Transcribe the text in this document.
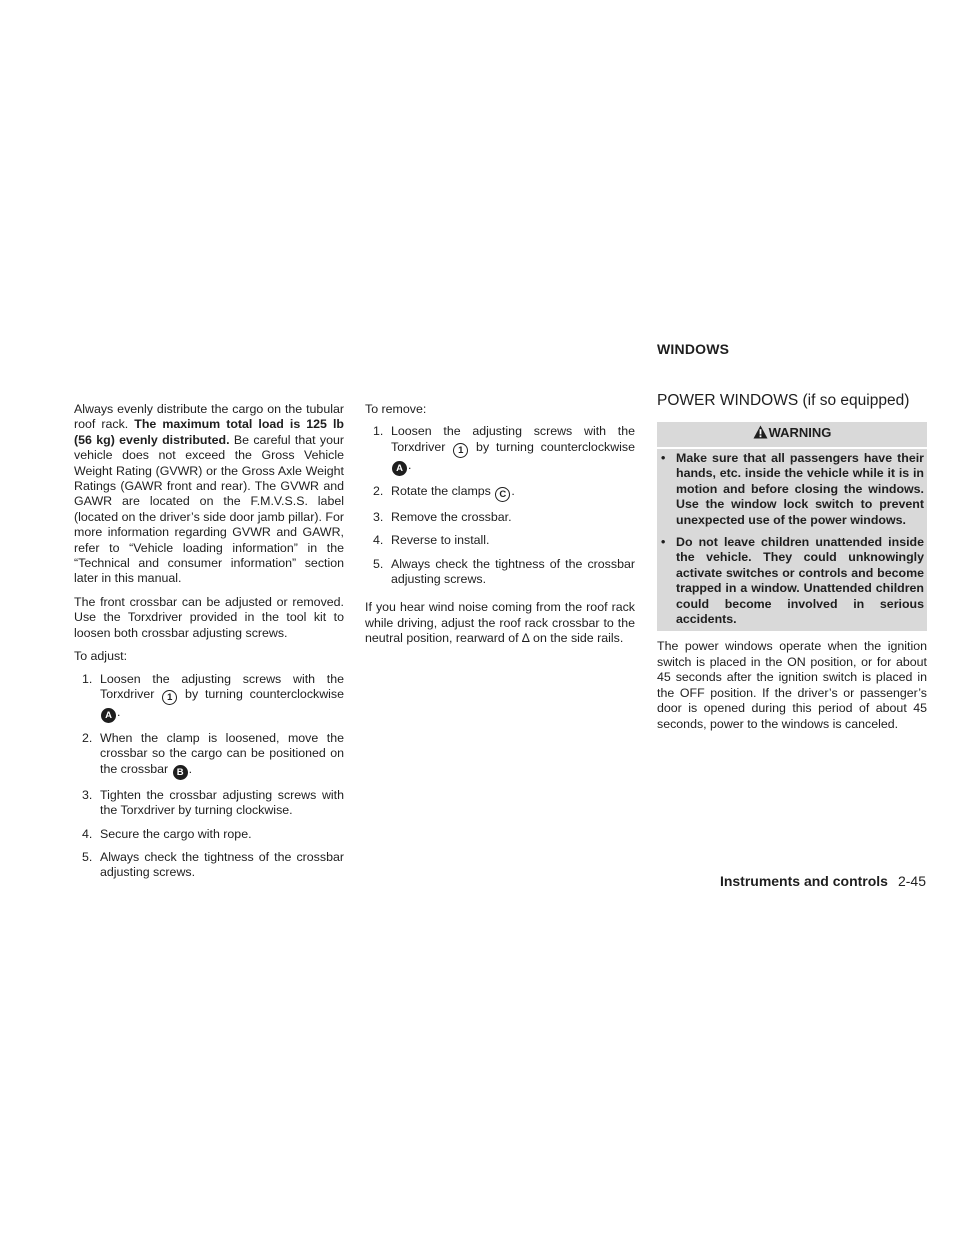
Always evenly distribute the cargo on the tubular roof rack. The maximum total load is 125 lb (56 kg) evenly distributed. Be careful that your vehicle does not exceed the Gross Vehicle Weight Rating (GVWR) or the Gross Axle Weight Ratings (GAWR front and rear). The GVWR and GAWR are located on the F.M.V.S.S. label (located on the driver’s side door jamb pillar). For more information regarding GVWR and GAWR, refer to “Vehicle loading information” in the “Technical and consumer information” section later in this manual.

The front crossbar can be adjusted or removed. Use the Torxdriver provided in the tool kit to loosen both crossbar adjusting screws.

To adjust:
1. Loosen the adjusting screws with the Torxdriver 1 by turning counterclockwise A .
2. When the clamp is loosened, move the crossbar so the cargo can be positioned on the crossbar B .
3. Tighten the crossbar adjusting screws with the Torxdriver by turning clockwise.
4. Secure the cargo with rope.
5. Always check the tightness of the crossbar adjusting screws.
To remove:
1. Loosen the adjusting screws with the Torxdriver 1 by turning counterclockwise A .
2. Rotate the clamps C .
3. Remove the crossbar.
4. Reverse to install.
5. Always check the tightness of the crossbar adjusting screws.

If you hear wind noise coming from the roof rack while driving, adjust the roof rack crossbar to the neutral position, rearward of ∆ on the side rails.

WINDOWS
POWER WINDOWS (if so equipped)
WARNING
• Make sure that all passengers have their hands, etc. inside the vehicle while it is in motion and before closing the windows. Use the window lock switch to prevent unexpected use of the power windows.
• Do not leave children unattended inside the vehicle. They could unknowingly activate switches or controls and become trapped in a window. Unattended children could become involved in serious accidents.

The power windows operate when the ignition switch is placed in the ON position, or for about 45 seconds after the ignition switch is placed in the OFF position. If the driver’s or passenger’s door is opened during this period of about 45 seconds, power to the windows is canceled.

Instruments and controls 2-45
